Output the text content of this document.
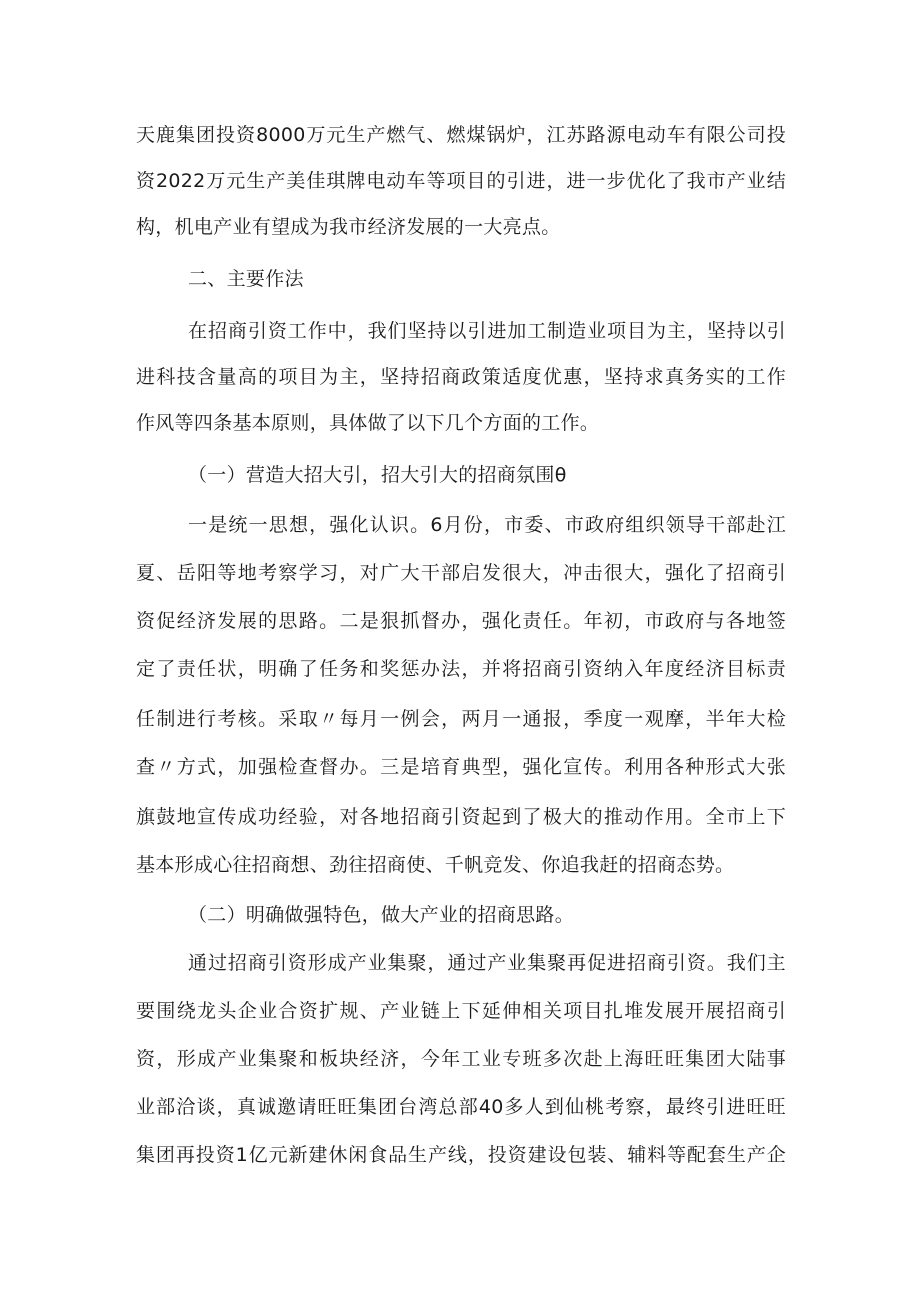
天鹿集团投资8000万元生产燃气、燃煤锅炉，江苏路源电动车有限公司投
资2022万元生产美佳琪牌电动车等项目的引进，进一步优化了我市产业结
构，机电产业有望成为我市经济发展的一大亮点。
二、主要作法
在招商引资工作中，我们坚持以引进加工制造业项目为主，坚持以引
进科技含量高的项目为主，坚持招商政策适度优惠，坚持求真务实的工作
作风等四条基本原则，具体做了以下几个方面的工作。
（一）营造大招大引，招大引大的招商氛围θ
一是统一思想，强化认识。6月份，市委、市政府组织领导干部赴江
夏、岳阳等地考察学习，对广大干部启发很大，冲击很大，强化了招商引
资促经济发展的思路。二是狠抓督办，强化责任。年初，市政府与各地签
定了责任状，明确了任务和奖惩办法，并将招商引资纳入年度经济目标责
任制进行考核。采取〃每月一例会，两月一通报，季度一观摩，半年大检
查〃方式，加强检查督办。三是培育典型，强化宣传。利用各种形式大张
旗鼓地宣传成功经验，对各地招商引资起到了极大的推动作用。全市上下
基本形成心往招商想、劲往招商使、千帆竞发、你追我赶的招商态势。
（二）明确做强特色，做大产业的招商思路。
通过招商引资形成产业集聚，通过产业集聚再促进招商引资。我们主
要围绕龙头企业合资扩规、产业链上下延伸相关项目扎堆发展开展招商引
资，形成产业集聚和板块经济，今年工业专班多次赴上海旺旺集团大陆事
业部洽谈，真诚邀请旺旺集团台湾总部40多人到仙桃考察，最终引进旺旺
集团再投资1亿元新建休闲食品生产线，投资建设包装、辅料等配套生产企
